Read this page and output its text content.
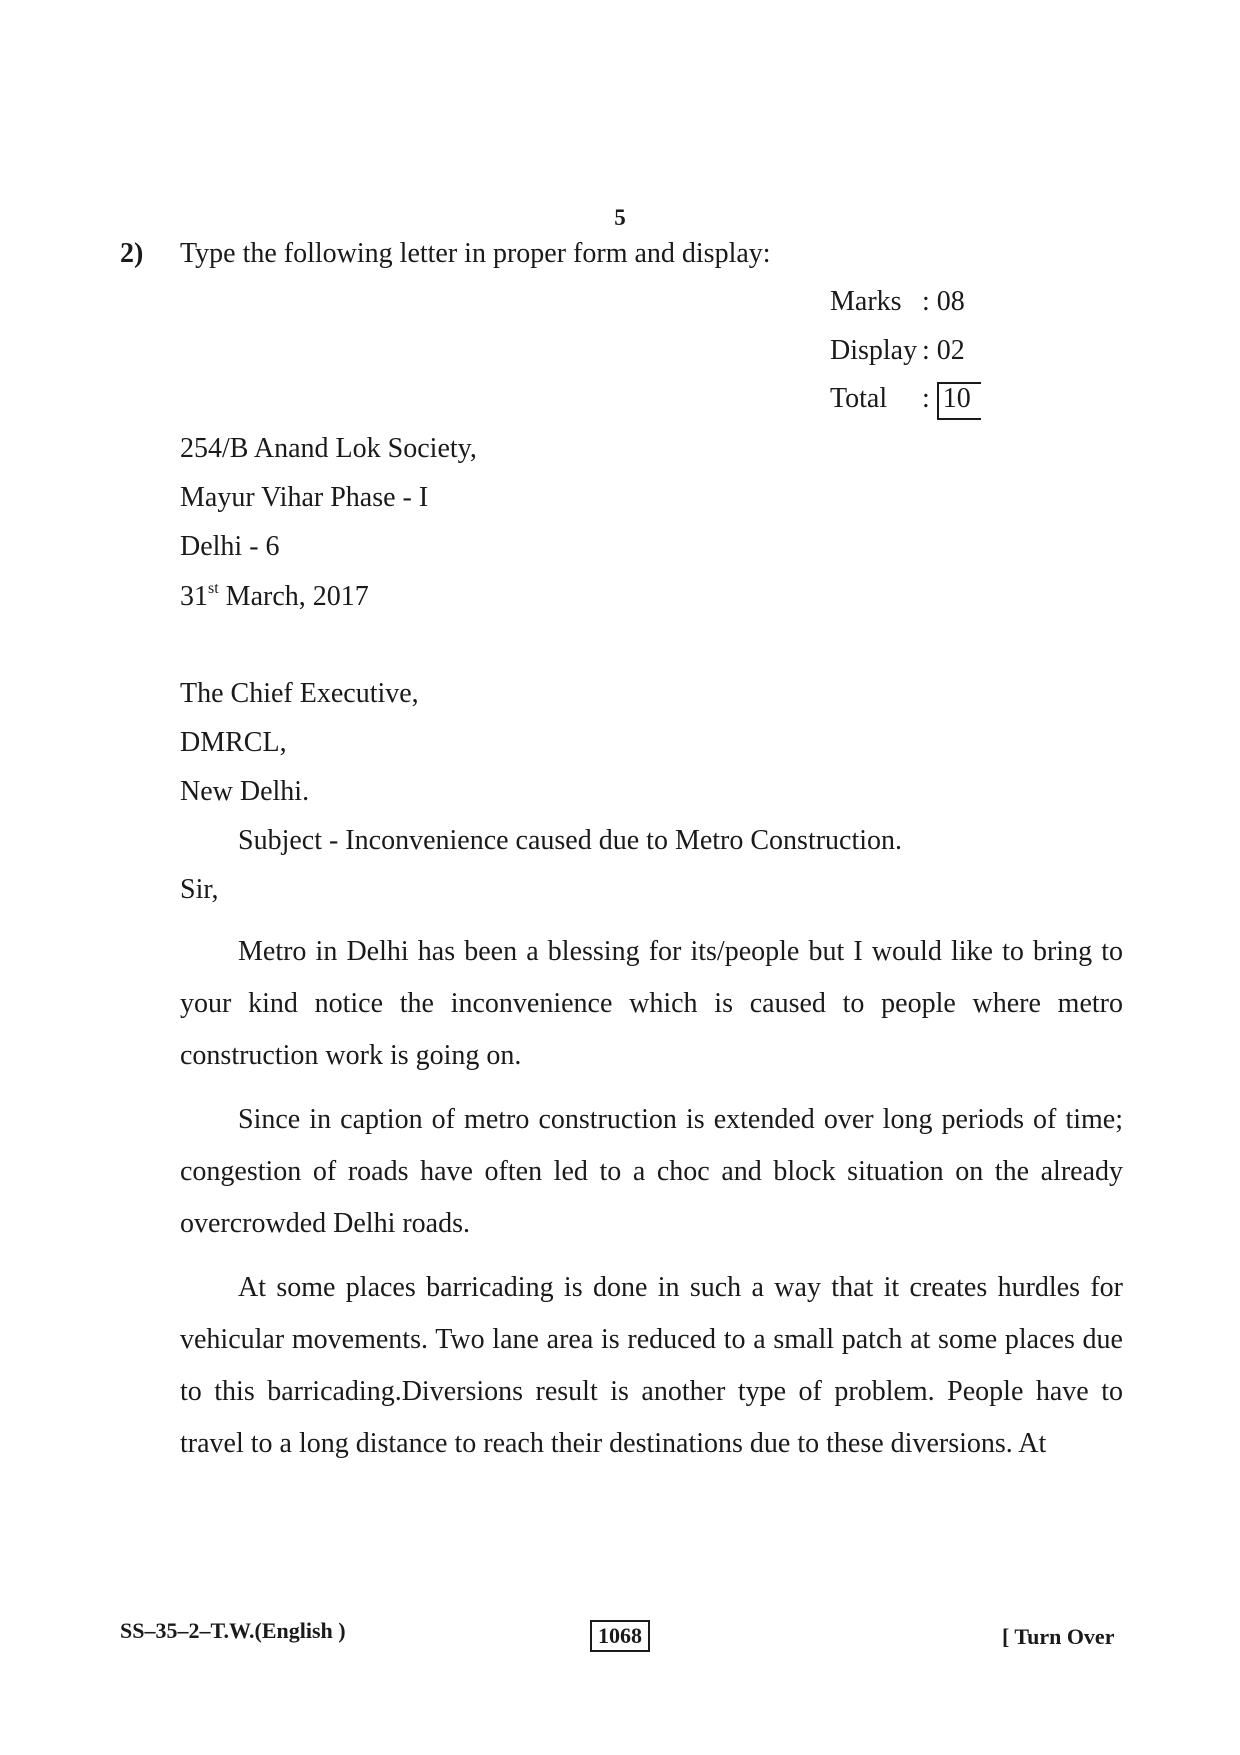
5
2) Type the following letter in proper form and display:
Marks : 08
Display : 02
Total : 10
254/B Anand Lok Society,
Mayur Vihar Phase - I
Delhi - 6
31st March, 2017
The Chief Executive,
DMRCL,
New Delhi.
Subject - Inconvenience caused due to Metro Construction.
Sir,
Metro in Delhi has been a blessing for its/people but I would like to bring to your kind notice the inconvenience which is caused to people where metro construction work is going on.
Since in caption of metro construction is extended over long periods of time; congestion of roads have often led to a choc and block situation on the already overcrowded Delhi roads.
At some places barricading is done in such a way that it creates hurdles for vehicular movements. Two lane area is reduced to a small patch at some places due to this barricading.Diversions result is another type of problem. People have to travel to a long distance to reach their destinations due to these diversions. At
SS–35–2–T.W.(English )	1068	[ Turn Over
